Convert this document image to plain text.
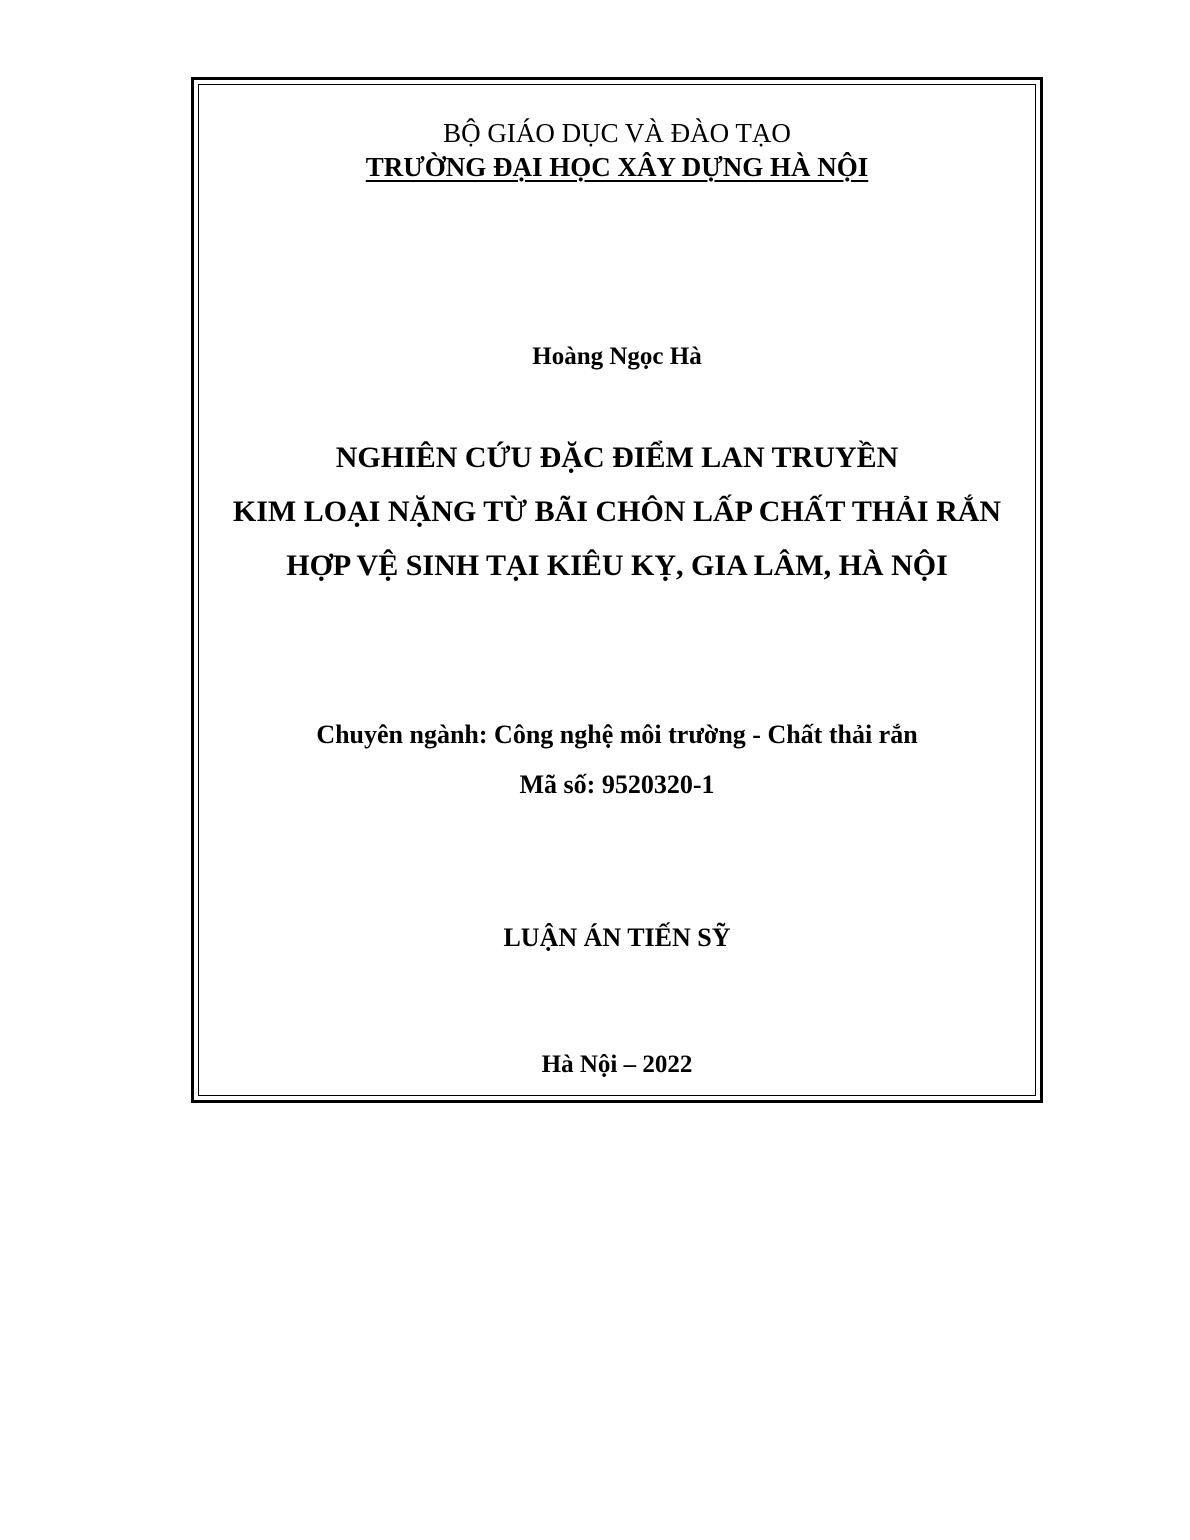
BỘ GIÁO DỤC VÀ ĐÀO TẠO
TRƯỜNG ĐẠI HỌC XÂY DỰNG HÀ NỘI
Hoàng Ngọc Hà
NGHIÊN CỨU ĐẶC ĐIỂM LAN TRUYỀN
KIM LOẠI NẶNG TỪ BÃI CHÔN LẤP CHẤT THẢI RẮN
HỢP VỆ SINH TẠI KIÊU KỴ, GIA LÂM, HÀ NỘI
Chuyên ngành: Công nghệ môi trường - Chất thải rắn
Mã số: 9520320-1
LUẬN ÁN TIẾN SỸ
Hà Nội – 2022
